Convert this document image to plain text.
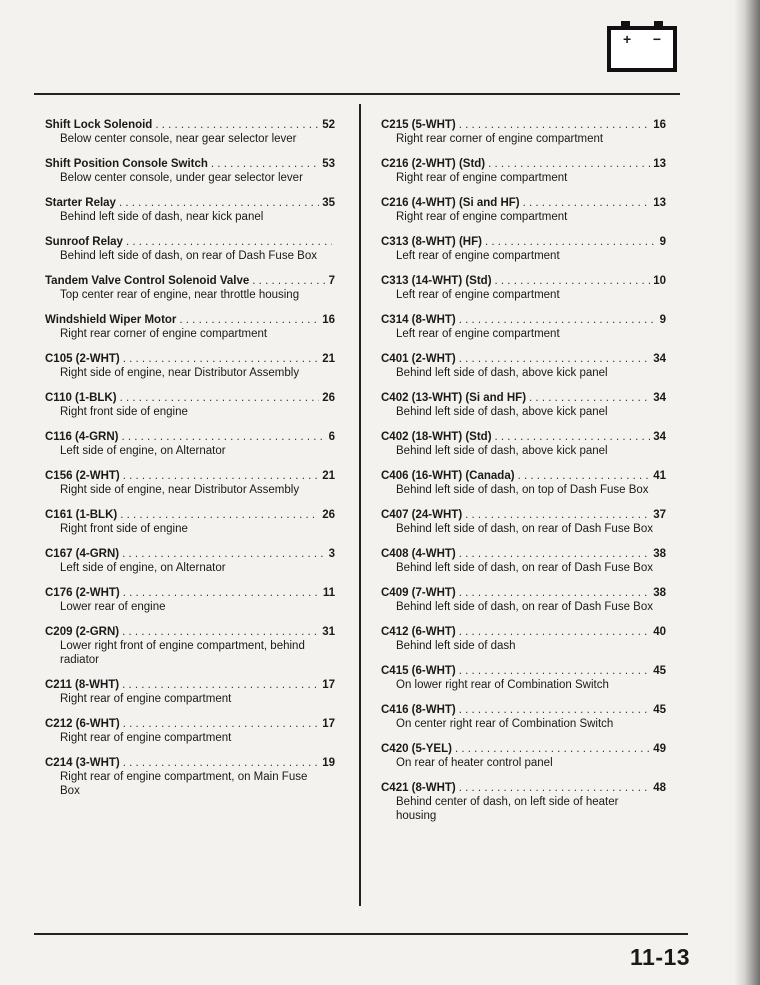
+ −
Shift Lock Solenoid . . .	52
Below center console, near gear selector lever
Shift Position Console Switch . . .	53
Below center console, under gear selector lever
Starter Relay . . .	35
Behind left side of dash, near kick panel
Sunroof Relay
. . .
Behind left side of dash, on rear of Dash Fuse Box
Tandem Valve Control Solenoid Valve . . .	7
Top center rear of engine, near throttle housing
Windshield Wiper Motor . . .	16
Right rear corner of engine compartment
C105 (2-WHT) . . .	21
Right side of engine, near Distributor Assembly
C110 (1-BLK) . . .	26
Right front side of engine
C116 (4-GRN) . . .	6
Left side of engine, on Alternator
C156 (2-WHT) . . .	21
Right side of engine, near Distributor Assembly
C161 (1-BLK) . . .	26
Right front side of engine
C167 (4-GRN) . . .	3
Left side of engine, on Alternator
C176 (2-WHT) . . .	11
Lower rear of engine
C209 (2-GRN) . . .	31
Lower right front of engine compartment, behind radiator
C211 (8-WHT) . . .	17
Right rear of engine compartment
C212 (6-WHT) . . .	17
Right rear of engine compartment
C214 (3-WHT) . . .	19
Right rear of engine compartment, on Main Fuse Box
C215 (5-WHT) . . .	16
Right rear corner of engine compartment
C216 (2-WHT) (Std) . . .	13
Right rear of engine compartment
C216 (4-WHT) (Si and HF) . . .	13
Right rear of engine compartment
C313 (8-WHT) (HF) . . .	9
Left rear of engine compartment
C313 (14-WHT) (Std) . . .	10
Left rear of engine compartment
C314 (8-WHT) . . .	9
Left rear of engine compartment
C401 (2-WHT) . . .	34
Behind left side of dash, above kick panel
C402 (13-WHT) (Si and HF) . . .	34
Behind left side of dash, above kick panel
C402 (18-WHT) (Std) . . .	34
Behind left side of dash, above kick panel
C406 (16-WHT) (Canada) . . .	41
Behind left side of dash, on top of Dash Fuse Box
C407 (24-WHT) . . .	37
Behind left side of dash, on rear of Dash Fuse Box
C408 (4-WHT) . . .	38
Behind left side of dash, on rear of Dash Fuse Box
C409 (7-WHT) . . .	38
Behind left side of dash, on rear of Dash Fuse Box
C412 (6-WHT) . . .	40
Behind left side of dash
C415 (6-WHT) . . .	45
On lower right rear of Combination Switch
C416 (8-WHT) . . .	45
On center right rear of Combination Switch
C420 (5-YEL) . . .	49
On rear of heater control panel
C421 (8-WHT) . . .	48
Behind center of dash, on left side of heater housing
11-13
